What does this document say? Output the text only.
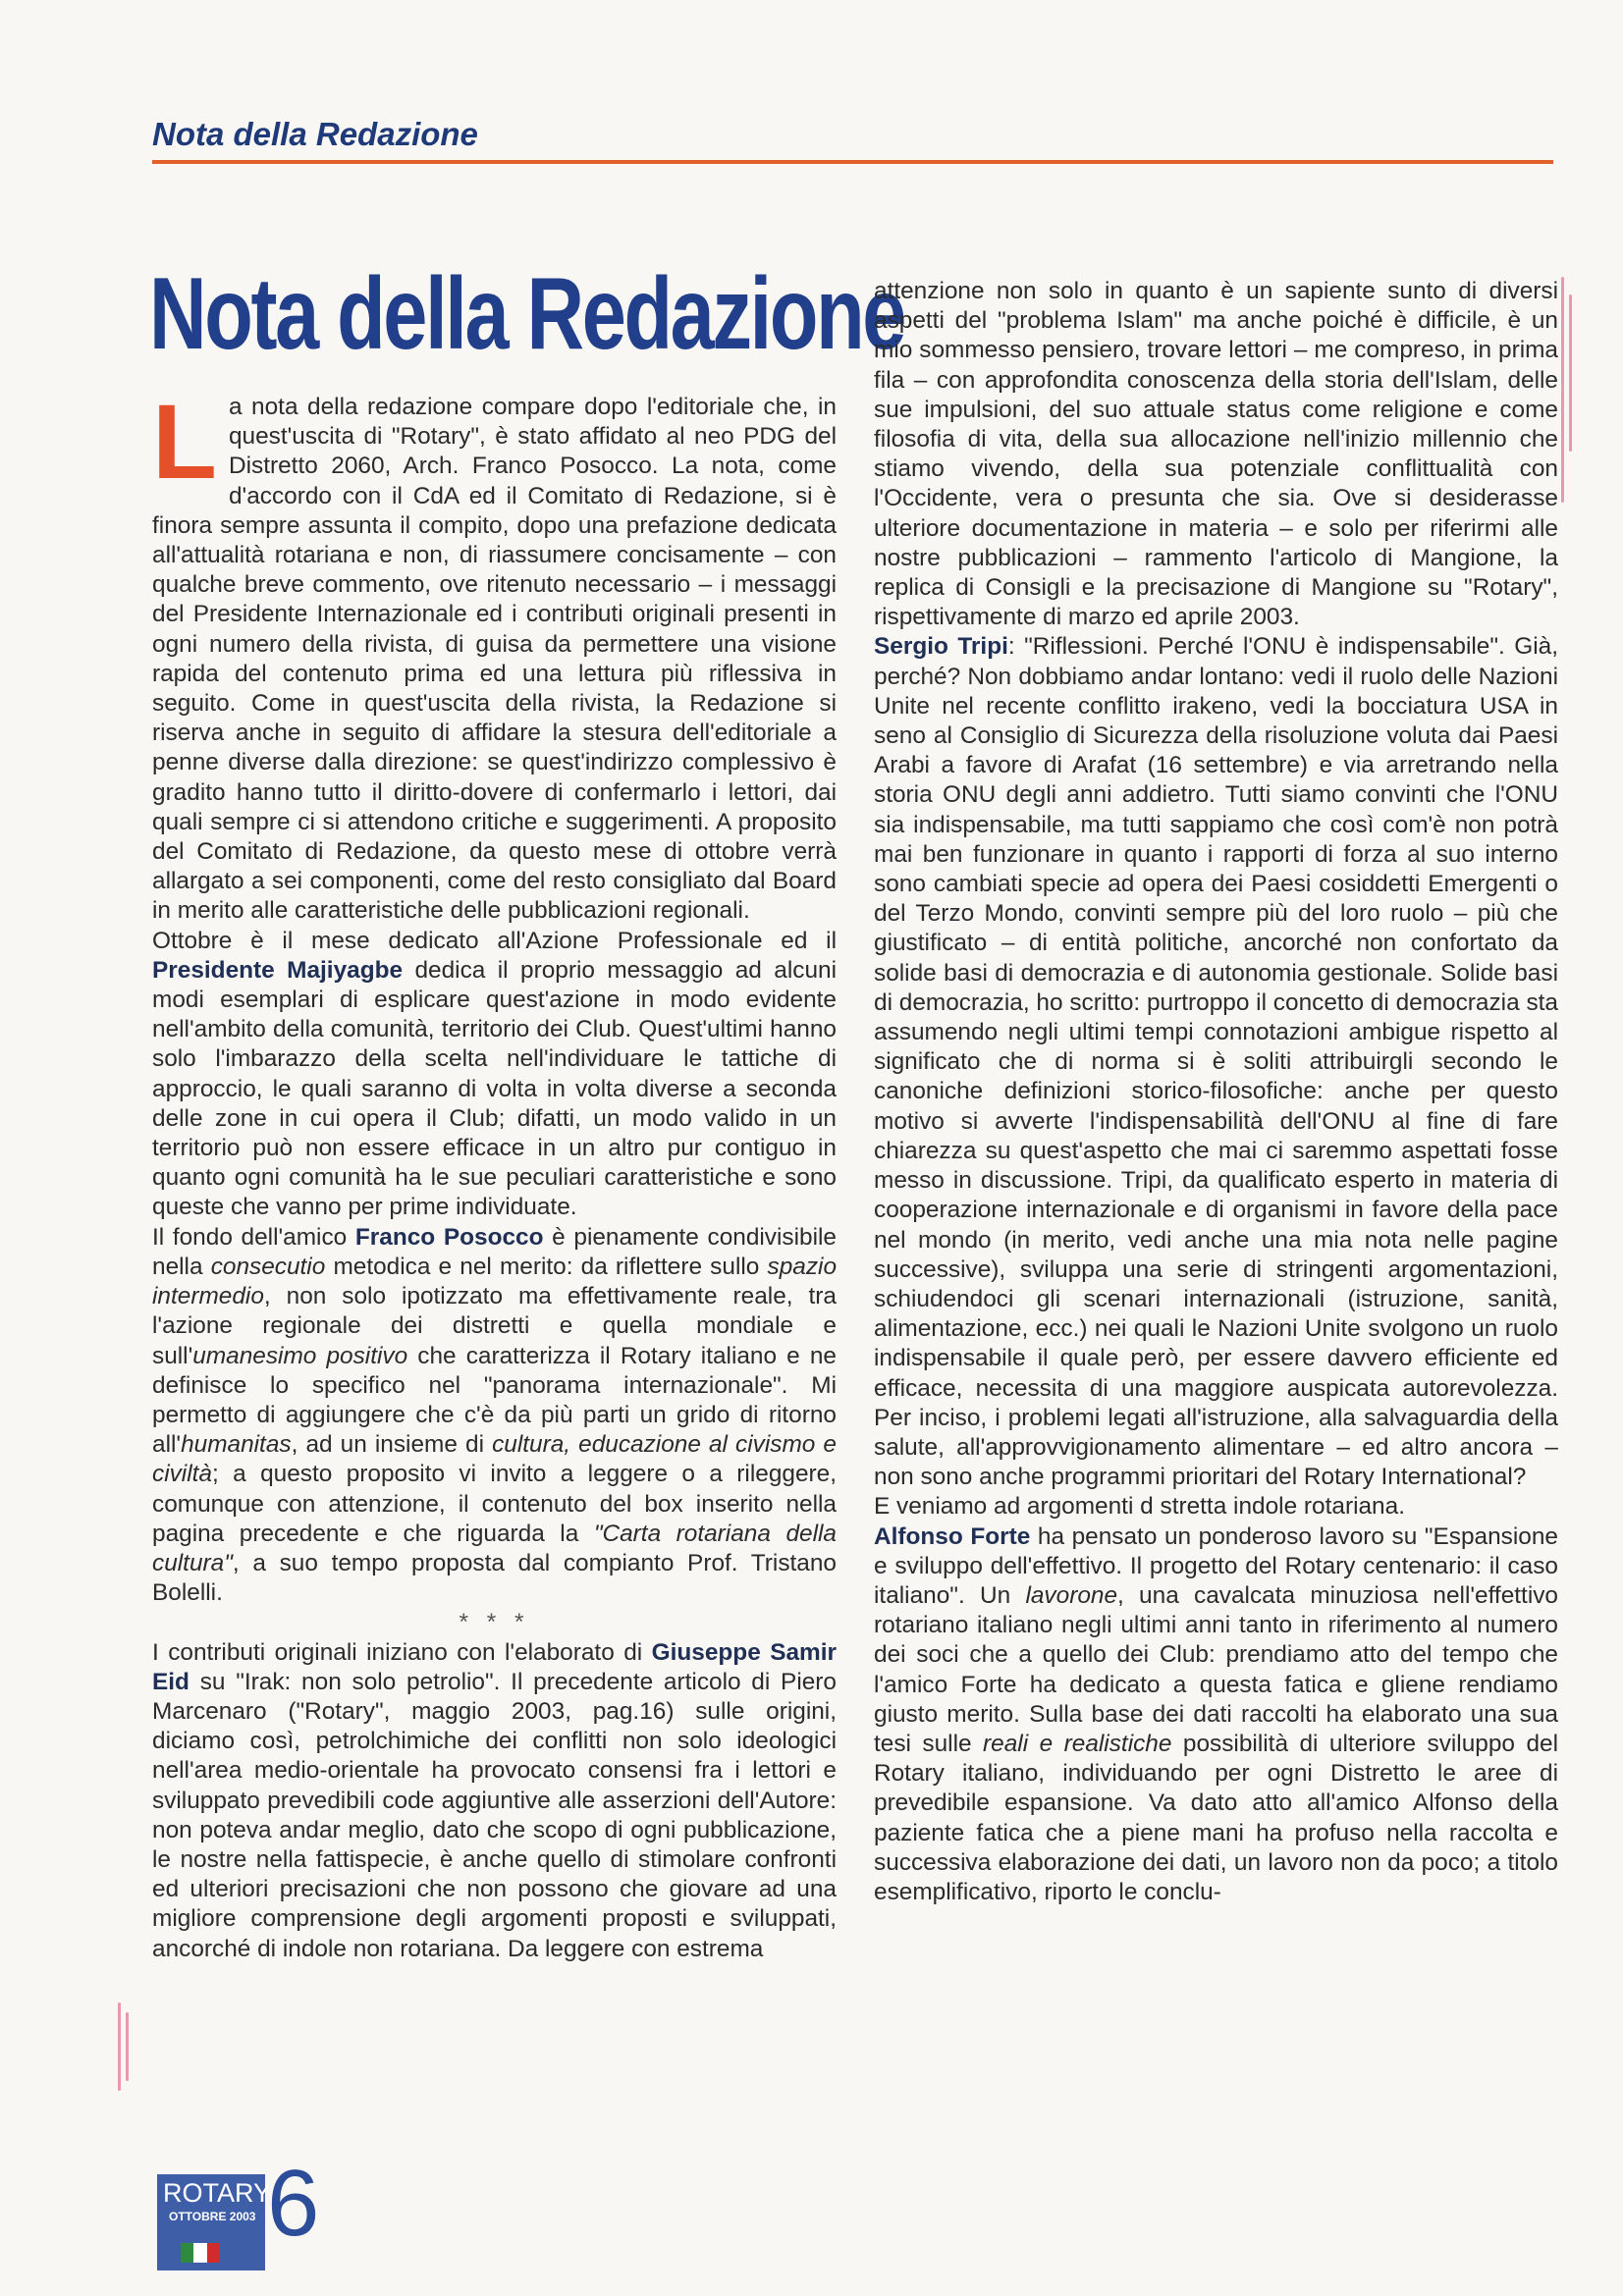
Nota della Redazione
Nota della Redazione

La nota della redazione compare dopo l'editoriale che, in quest'uscita di "Rotary", è stato affidato al neo PDG del Distretto 2060, Arch. Franco Posocco. La nota, come d'accordo con il CdA ed il Comitato di Redazione, si è finora sempre assunta il compito, dopo una prefazione dedicata all'attualità rotariana e non, di riassumere concisamente – con qualche breve commento, ove ritenuto necessario – i messaggi del Presidente Internazionale ed i contributi originali presenti in ogni numero della rivista, di guisa da permettere una visione rapida del contenuto prima ed una lettura più riflessiva in seguito. Come in quest'uscita della rivista, la Redazione si riserva anche in seguito di affidare la stesura dell'editoriale a penne diverse dalla direzione: se quest'indirizzo complessivo è gradito hanno tutto il diritto-dovere di confermarlo i lettori, dai quali sempre ci si attendono critiche e suggerimenti. A proposito del Comitato di Redazione, da questo mese di ottobre verrà allargato a sei componenti, come del resto consigliato dal Board in merito alle caratteristiche delle pubblicazioni regionali.

Ottobre è il mese dedicato all'Azione Professionale ed il Presidente Majiyagbe dedica il proprio messaggio ad alcuni modi esemplari di esplicare quest'azione in modo evidente nell'ambito della comunità, territorio dei Club. Quest'ultimi hanno solo l'imbarazzo della scelta nell'individuare le tattiche di approccio, le quali saranno di volta in volta diverse a seconda delle zone in cui opera il Club; difatti, un modo valido in un territorio può non essere efficace in un altro pur contiguo in quanto ogni comunità ha le sue peculiari caratteristiche e sono queste che vanno per prime individuate.

Il fondo dell'amico Franco Posocco è pienamente condivisibile nella consecutio metodica e nel merito: da riflettere sullo spazio intermedio, non solo ipotizzato ma effettivamente reale, tra l'azione regionale dei distretti e quella mondiale e sull'umanesimo positivo che caratterizza il Rotary italiano e ne definisce lo specifico nel "panorama internazionale". Mi permetto di aggiungere che c'è da più parti un grido di ritorno all'humanitas, ad un insieme di cultura, educazione al civismo e civiltà; a questo proposito vi invito a leggere o a rileggere, comunque con attenzione, il contenuto del box inserito nella pagina precedente e che riguarda la "Carta rotariana della cultura", a suo tempo proposta dal compianto Prof. Tristano Bolelli.

* * *

I contributi originali iniziano con l'elaborato di Giuseppe Samir Eid su "Irak: non solo petrolio". Il precedente articolo di Piero Marcenaro ("Rotary", maggio 2003, pag.16) sulle origini, diciamo così, petrolchimiche dei conflitti non solo ideologici nell'area medio-orientale ha provocato consensi fra i lettori e sviluppato prevedibili code aggiuntive alle asserzioni dell'Autore: non poteva andar meglio, dato che scopo di ogni pubblicazione, le nostre nella fattispecie, è anche quello di stimolare confronti ed ulteriori precisazioni che non possono che giovare ad una migliore comprensione degli argomenti proposti e sviluppati, ancorché di indole non rotariana. Da leggere con estrema

attenzione non solo in quanto è un sapiente sunto di diversi aspetti del "problema Islam" ma anche poiché è difficile, è un mio sommesso pensiero, trovare lettori – me compreso, in prima fila – con approfondita conoscenza della storia dell'Islam, delle sue impulsioni, del suo attuale status come religione e come filosofia di vita, della sua allocazione nell'inizio millennio che stiamo vivendo, della sua potenziale conflittualità con l'Occidente, vera o presunta che sia. Ove si desiderasse ulteriore documentazione in materia – e solo per riferirmi alle nostre pubblicazioni – rammento l'articolo di Mangione, la replica di Consigli e la precisazione di Mangione su "Rotary", rispettivamente di marzo ed aprile 2003.

Sergio Tripi: "Riflessioni. Perché l'ONU è indispensabile". Già, perché? Non dobbiamo andar lontano: vedi il ruolo delle Nazioni Unite nel recente conflitto irakeno, vedi la bocciatura USA in seno al Consiglio di Sicurezza della risoluzione voluta dai Paesi Arabi a favore di Arafat (16 settembre) e via arretrando nella storia ONU degli anni addietro. Tutti siamo convinti che l'ONU sia indispensabile, ma tutti sappiamo che così com'è non potrà mai ben funzionare in quanto i rapporti di forza al suo interno sono cambiati specie ad opera dei Paesi cosiddetti Emergenti o del Terzo Mondo, convinti sempre più del loro ruolo – più che giustificato – di entità politiche, ancorché non confortato da solide basi di democrazia e di autonomia gestionale. Solide basi di democrazia, ho scritto: purtroppo il concetto di democrazia sta assumendo negli ultimi tempi connotazioni ambigue rispetto al significato che di norma si è soliti attribuirgli secondo le canoniche definizioni storico-filosofiche: anche per questo motivo si avverte l'indispensabilità dell'ONU al fine di fare chiarezza su quest'aspetto che mai ci saremmo aspettati fosse messo in discussione. Tripi, da qualificato esperto in materia di cooperazione internazionale e di organismi in favore della pace nel mondo (in merito, vedi anche una mia nota nelle pagine successive), sviluppa una serie di stringenti argomentazioni, schiudendoci gli scenari internazionali (istruzione, sanità, alimentazione, ecc.) nei quali le Nazioni Unite svolgono un ruolo indispensabile il quale però, per essere davvero efficiente ed efficace, necessita di una maggiore auspicata autorevolezza. Per inciso, i problemi legati all'istruzione, alla salvaguardia della salute, all'approvvigionamento alimentare – ed altro ancora – non sono anche programmi prioritari del Rotary International?

E veniamo ad argomenti d stretta indole rotariana.

Alfonso Forte ha pensato un ponderoso lavoro su "Espansione e sviluppo dell'effettivo. Il progetto del Rotary centenario: il caso italiano". Un lavorone, una cavalcata minuziosa nell'effettivo rotariano italiano negli ultimi anni tanto in riferimento al numero dei soci che a quello dei Club: prendiamo atto del tempo che l'amico Forte ha dedicato a questa fatica e gliene rendiamo giusto merito. Sulla base dei dati raccolti ha elaborato una sua tesi sulle reali e realistiche possibilità di ulteriore sviluppo del Rotary italiano, individuando per ogni Distretto le aree di prevedibile espansione. Va dato atto all'amico Alfonso della paziente fatica che a piene mani ha profuso nella raccolta e successiva elaborazione dei dati, un lavoro non da poco; a titolo esemplificativo, riporto le conclu-

ROTARY
OTTOBRE 2003 6
